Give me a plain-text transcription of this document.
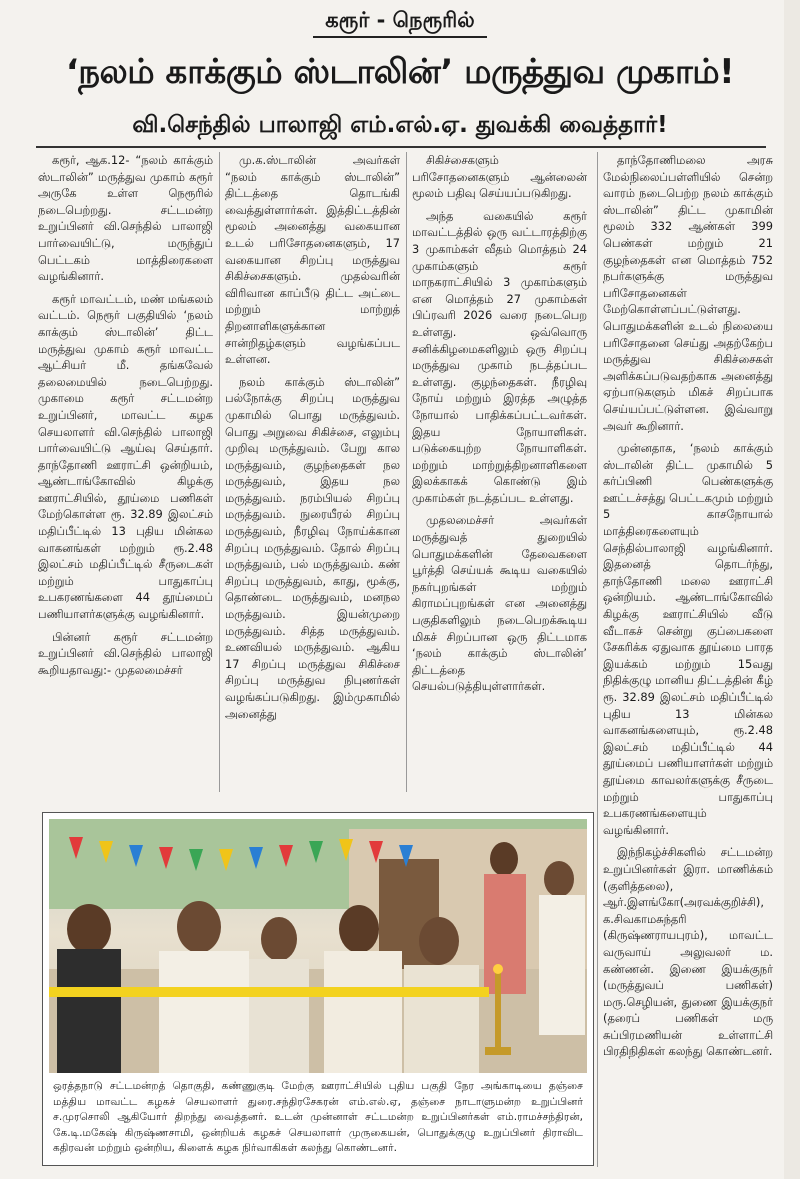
கரூர் - நெரூரில்
‘நலம் காக்கும் ஸ்டாலின்’ மருத்துவ முகாம்!
வி.செந்தில் பாலாஜி எம்.எல்.ஏ. துவக்கி வைத்தார்!

கரூர், ஆக.12- “நலம் காக்கும் ஸ்டாலின்” மருத்துவ முகாம் கரூர் அருகே உள்ள நெரூரில் நடைபெற்றது. சட்டமன்ற உறுப்பினர் வி.செந்தில் பாலாஜி பார்வையிட்டு, மருந்துப் பெட்டகம் மாத்திரைகளை வழங்கினார்.

கரூர் மாவட்டம், மண் மங்கலம் வட்டம். நெரூர் பகுதியில் ‘நலம் காக்கும் ஸ்டாலின்’ திட்ட மருத்துவ முகாம் கரூர் மாவட்ட ஆட்சியர் மீ. தங்கவேல் தலைமையில் நடைபெற்றது. முகாமை கரூர் சட்டமன்ற உறுப்பினர், மாவட்ட கழக செயலாளர் வி.செந்தில் பாலாஜி பார்வையிட்டு ஆய்வு செய்தார். தாந்தோணி ஊராட்சி ஒன்றியம், ஆண்டாங்கோவில் கிழக்கு ஊராட்சியில், தூய்மை பணிகள் மேற்கொள்ள ரூ. 32.89 இலட்சம் மதிப்பீட்டில் 13 புதிய மின்கல வாகனங்கள் மற்றும் ரூ.2.48 இலட்சம் மதிப்பீட்டில் சீருடைகள் மற்றும் பாதுகாப்பு உபகரணங்களை 44 தூய்மைப் பணியாளர்களுக்கு வழங்கினார்.

பின்னர் கரூர் சட்டமன்ற உறுப்பினர் வி.செந்தில் பாலாஜி கூறியதாவது:- முதலமைச்சர்

மு.க.ஸ்டாலின் அவர்கள் “நலம் காக்கும் ஸ்டாலின்” திட்டத்தை தொடங்கி வைத்துள்ளார்கள். இத்திட்டத்தின் மூலம் அனைத்து வகையான உடல் பரிசோதனைகளும், 17 வகையான சிறப்பு மருத்துவ சிகிச்சைகளும். முதல்வரின் விரிவான காப்பீடு திட்ட அட்டை மற்றும் மாற்றுத் திறனாளிகளுக்கான சான்றிதழ்களும் வழங்கப்பட உள்ளன.

நலம் காக்கும் ஸ்டாலின்” பல்நோக்கு சிறப்பு மருத்துவ முகாமில் பொது மருத்துவம். பொது அறுவை சிகிச்சை, எலும்பு முறிவு மருத்துவம். பேறு கால மருத்துவம், குழந்தைகள் நல மருத்துவம், இதய நல மருத்துவம். நரம்பியல் சிறப்பு மருத்துவம். நுரையீரல் சிறப்பு மருத்துவம், நீரழிவு நோய்க்கான சிறப்பு மருத்துவம். தோல் சிறப்பு மருத்துவம், பல் மருத்துவம். கண் சிறப்பு மருத்துவம், காது, மூக்கு, தொண்டை மருத்துவம், மனநல மருத்துவம். இயன்முறை மருத்துவம். சித்த மருத்துவம். உணவியல் மருத்துவம். ஆகிய 17 சிறப்பு மருத்துவ சிகிச்சை சிறப்பு மருத்துவ நிபுணர்கள் வழங்கப்படுகிறது. இம்முகாமில் அனைத்து

சிகிச்சைகளும் பரிசோதனைகளும் ஆன்லைன் மூலம் பதிவு செய்யப்படுகிறது.

அந்த வகையில் கரூர் மாவட்டத்தில் ஒரு வட்டாரத்திற்கு 3 முகாம்கள் வீதம் மொத்தம் 24 முகாம்களும் கரூர் மாநகராட்சியில் 3 முகாம்களும் என மொத்தம் 27 முகாம்கள் பிப்ரவரி 2026 வரை நடைபெற உள்ளது. ஒவ்வொரு சனிக்கிழமைகளிலும் ஒரு சிறப்பு மருத்துவ முகாம் நடத்தப்பட உள்ளது. குழந்தைகள். நீரழிவு நோய் மற்றும் இரத்த அழுத்த நோயால் பாதிக்கப்பட்டவர்கள். இதய நோயாளிகள். படுக்கையுற்ற நோயாளிகள். மற்றும் மாற்றுத்திறனாளிகளை இலக்காகக் கொண்டு இம் முகாம்கள் நடத்தப்பட உள்ளது.

முதலமைச்சர் அவர்கள் மருத்துவத் துறையில் பொதுமக்களின் தேவைகளை பூர்த்தி செய்யக் கூடிய வகையில் நகர்புறங்கள் மற்றும் கிராமப்புறங்கள் என அனைத்து பகுதிகளிலும் நடைபெறக்கூடிய மிகச் சிறப்பான ஒரு திட்டமாக ‘நலம் காக்கும் ஸ்டாலின்’ திட்டத்தை செயல்படுத்தியுள்ளார்கள்.

தாந்தோணிமலை அரசு மேல்நிலைப்பள்ளியில் சென்ற வாரம் நடைபெற்ற நலம் காக்கும் ஸ்டாலின்” திட்ட முகாமின் மூலம் 332 ஆண்கள் 399 பெண்கள் மற்றும் 21 குழந்தைகள் என மொத்தம் 752 நபர்களுக்கு மருத்துவ பரிசோதனைகள் மேற்கொள்ளப்பட்டுள்ளது. பொதுமக்களின் உடல் நிலையை பரிசோதனை செய்து அதற்கேற்ப மருத்துவ சிகிச்சைகள் அளிக்கப்படுவதற்காக அனைத்து ஏற்பாடுகளும் மிகச் சிறப்பாக செய்யப்பட்டுள்ளன. இவ்வாறு அவர் கூறினார்.

முன்னதாக, ‘நலம் காக்கும் ஸ்டாலின் திட்ட முகாமில் 5 கர்ப்பிணி பெண்களுக்கு ஊட்டச்சத்து பெட்டகமும் மற்றும் 5 காசநோயால் மாத்திரைகளையும் செந்தில்பாலாஜி வழங்கினார். இதனைத் தொடர்ந்து, தாந்தோணி மலை ஊராட்சி ஒன்றியம். ஆண்டாங்கோவில் கிழக்கு ஊராட்சியில் வீடு வீடாகச் சென்று குப்பைகளை சேகரிக்க ஏதுவாக தூய்மை பாரத இயக்கம் மற்றும் 15வது நிதிக்குழு மானிய திட்டத்தின் கீழ் ரூ. 32.89 இலட்சம் மதிப்பீட்டில் புதிய 13 மின்கல வாகனங்களையும், ரூ.2.48 இலட்சம் மதிப்பீட்டில் 44 தூய்மைப் பணியாளர்கள் மற்றும் தூய்மை காவலர்களுக்கு சீருடை மற்றும் பாதுகாப்பு உபகரணங்களையும் வழங்கினார்.

இந்நிகழ்ச்சிகளில் சட்டமன்ற உறுப்பினர்கள் இரா. மாணிக்கம் (குளித்தலை), ஆர்.இளங்கோ(அரவக்குறிச்சி), க.சிவகாமசுந்தரி (கிருஷ்ணராயபுரம்), மாவட்ட வருவாய் அலுவலர் ம. கண்ணன். இணை இயக்குநர் (மருத்துவப் பணிகள்) மரு.செழியன், துணை இயக்குநர் (தரைப் பணிகள் மரு சுப்பிரமணியன் உள்ளாட்சி பிரதிநிதிகள் கலந்து கொண்டனர்.

ஒரத்தநாடு சட்டமன்றத் தொகுதி, கண்ணுகுடி மேற்கு ஊராட்சியில் புதிய பகுதி நேர அங்காடியை தஞ்சை மத்திய மாவட்ட கழகச் செயலாளர் துரை.சந்திரசேகரன் எம்.எல்.ஏ, தஞ்சை நாடாளுமன்ற உறுப்பினர் ச.முரசொலி ஆகியோர் திறந்து வைத்தனர். உடன் முன்னாள் சட்டமன்ற உறுப்பினர்கள் எம்.ராமச்சந்திரன், கே.டி.மகேஷ் கிருஷ்ணசாமி, ஒன்றியக் கழகச் செயலாளர் முருகையன், பொதுக்குழு உறுப்பினர் திராவிட கதிரவன் மற்றும் ஒன்றிய, கிளைக் கழக நிர்வாகிகள் கலந்து கொண்டனர்.
